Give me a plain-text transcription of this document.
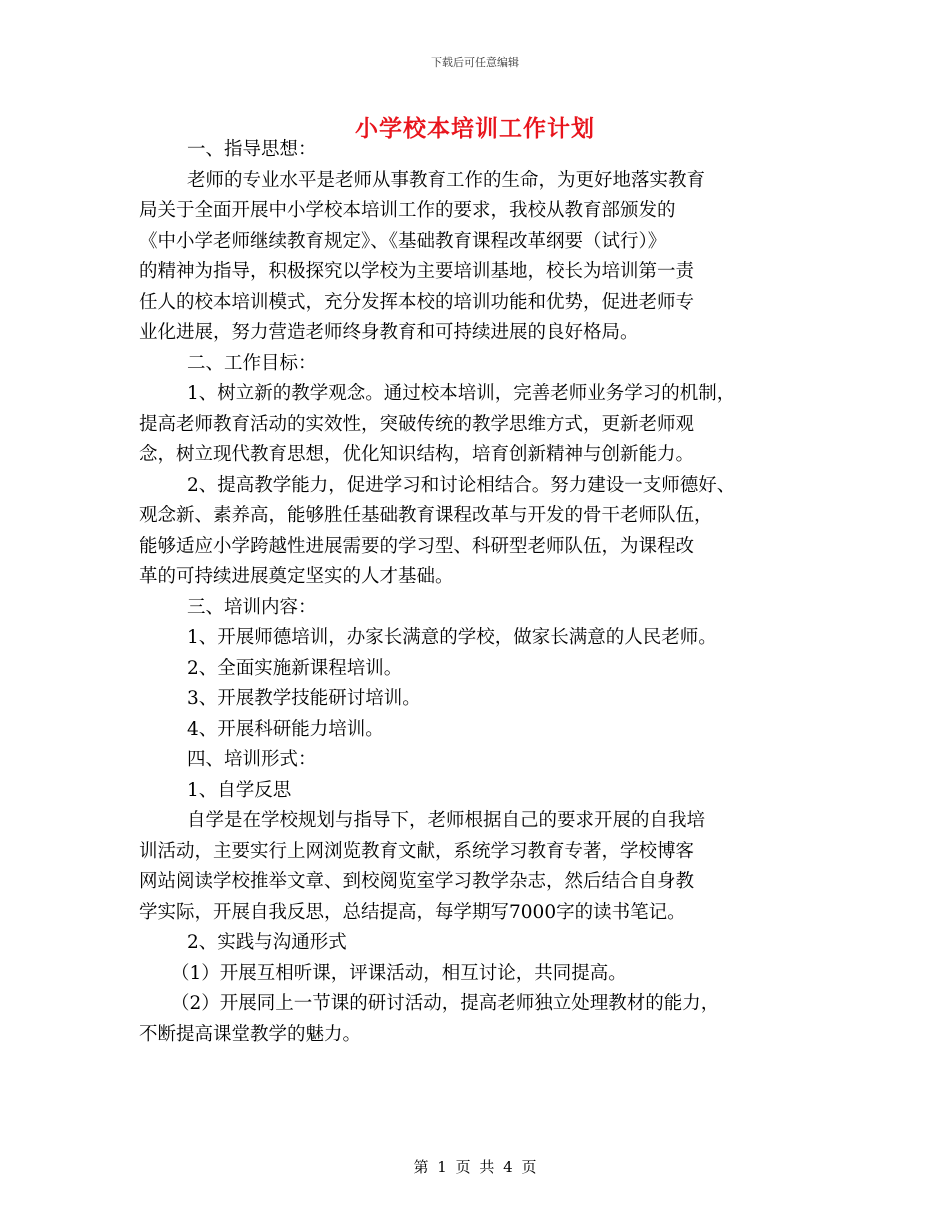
下载后可任意编辑
小学校本培训工作计划
一、指导思想：
老师的专业水平是老师从事教育工作的生命，为更好地落实教育
局关于全面开展中小学校本培训工作的要求，我校从教育部颁发的
《中小学老师继续教育规定》、《基础教育课程改革纲要（试行）》
的精神为指导，积极探究以学校为主要培训基地，校长为培训第一责
任人的校本培训模式，充分发挥本校的培训功能和优势，促进老师专
业化进展，努力营造老师终身教育和可持续进展的良好格局。
二、工作目标：
1、树立新的教学观念。通过校本培训，完善老师业务学习的机制，
提高老师教育活动的实效性，突破传统的教学思维方式，更新老师观
念，树立现代教育思想，优化知识结构，培育创新精神与创新能力。
2、提高教学能力，促进学习和讨论相结合。努力建设一支师德好、
观念新、素养高，能够胜任基础教育课程改革与开发的骨干老师队伍，
能够适应小学跨越性进展需要的学习型、科研型老师队伍，为课程改
革的可持续进展奠定坚实的人才基础。
三、培训内容：
1、开展师德培训，办家长满意的学校，做家长满意的人民老师。
2、全面实施新课程培训。
3、开展教学技能研讨培训。
4、开展科研能力培训。
四、培训形式：
1、自学反思
自学是在学校规划与指导下，老师根据自己的要求开展的自我培
训活动，主要实行上网浏览教育文献，系统学习教育专著，学校博客
网站阅读学校推举文章、到校阅览室学习教学杂志，然后结合自身教
学实际，开展自我反思，总结提高，每学期写7000字的读书笔记。
2、实践与沟通形式
（1）开展互相听课，评课活动，相互讨论，共同提高。
（2）开展同上一节课的研讨活动，提高老师独立处理教材的能力，
不断提高课堂教学的魅力。
第 1 页 共 4 页
